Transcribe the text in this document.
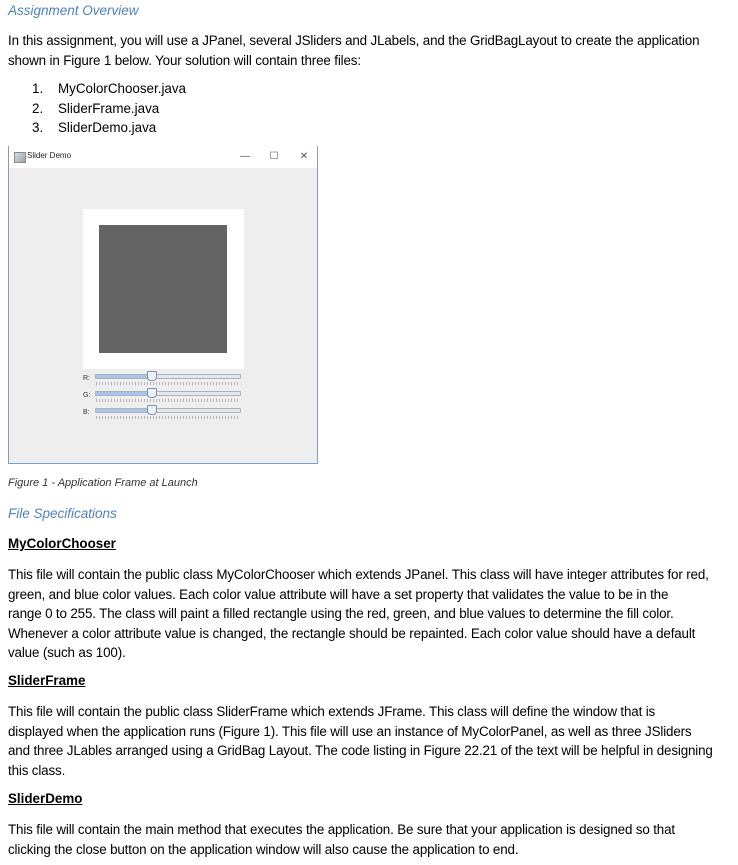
Assignment Overview
In this assignment, you will use a JPanel, several JSliders and JLabels, and the GridBagLayout to create the application
shown in Figure 1 below. Your solution will contain three files:
1. MyColorChooser.java
2. SliderFrame.java
3. SliderDemo.java
Slider Demo	—	☐	✕
R:
G:
B:
Figure 1 - Application Frame at Launch
File Specifications
MyColorChooser
This file will contain the public class MyColorChooser which extends JPanel. This class will have integer attributes for red,
green, and blue color values. Each color value attribute will have a set property that validates the value to be in the
range 0 to 255. The class will paint a filled rectangle using the red, green, and blue values to determine the fill color.
Whenever a color attribute value is changed, the rectangle should be repainted. Each color value should have a default
value (such as 100).
SliderFrame
This file will contain the public class SliderFrame which extends JFrame. This class will define the window that is
displayed when the application runs (Figure 1). This file will use an instance of MyColorPanel, as well as three JSliders
and three JLables arranged using a GridBag Layout. The code listing in Figure 22.21 of the text will be helpful in designing
this class.
SliderDemo
This file will contain the main method that executes the application. Be sure that your application is designed so that
clicking the close button on the application window will also cause the application to end.
